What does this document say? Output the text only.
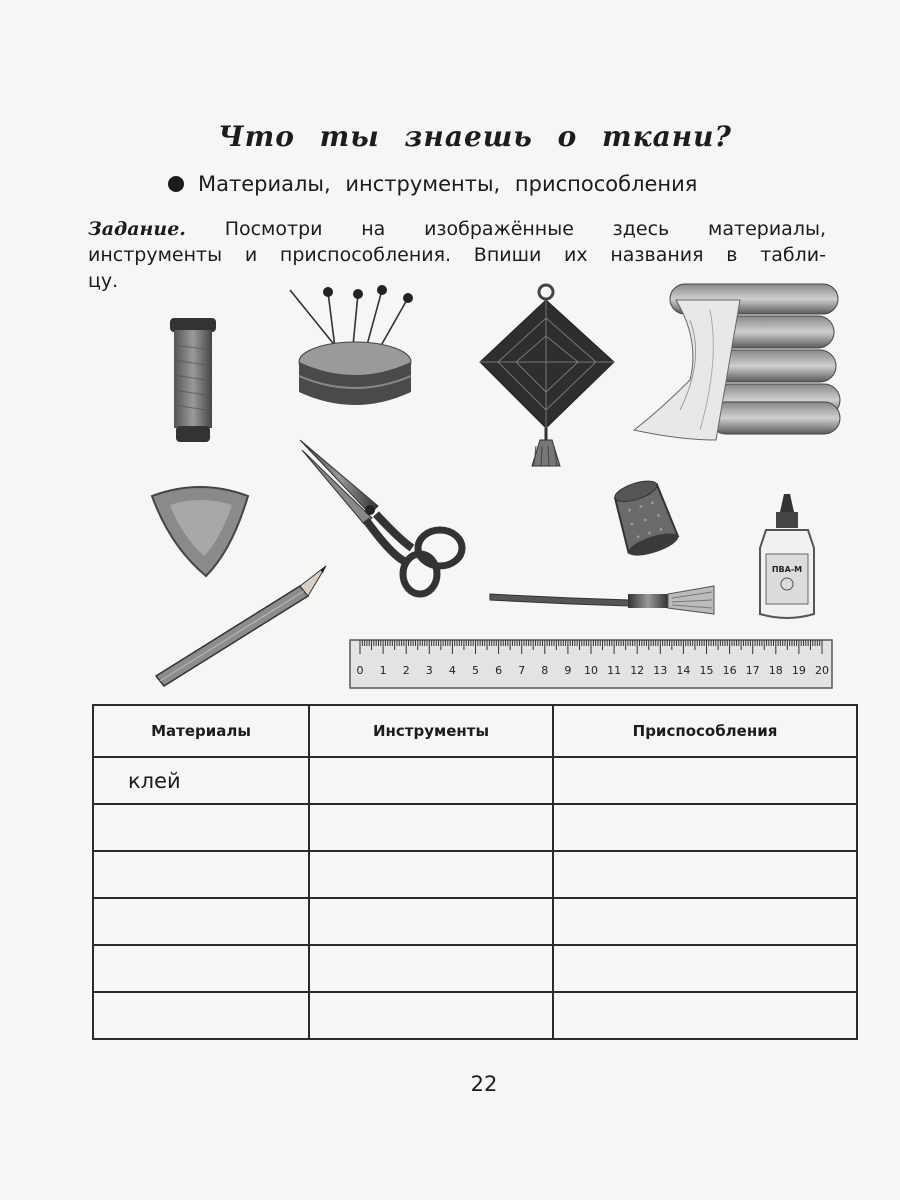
Что ты знаешь о ткани?
Материалы, инструменты, приспособления
Задание. Посмотри на изображённые здесь материалы,
инструменты и приспособления. Впиши их названия в табли-
цу.
ПВА-М
0 1 2 3 4 5 6 7 8 9 10 11 12 13 14 15 16 17 18 19 20
Материалы	Инструменты	Приспособления
клей		

22
